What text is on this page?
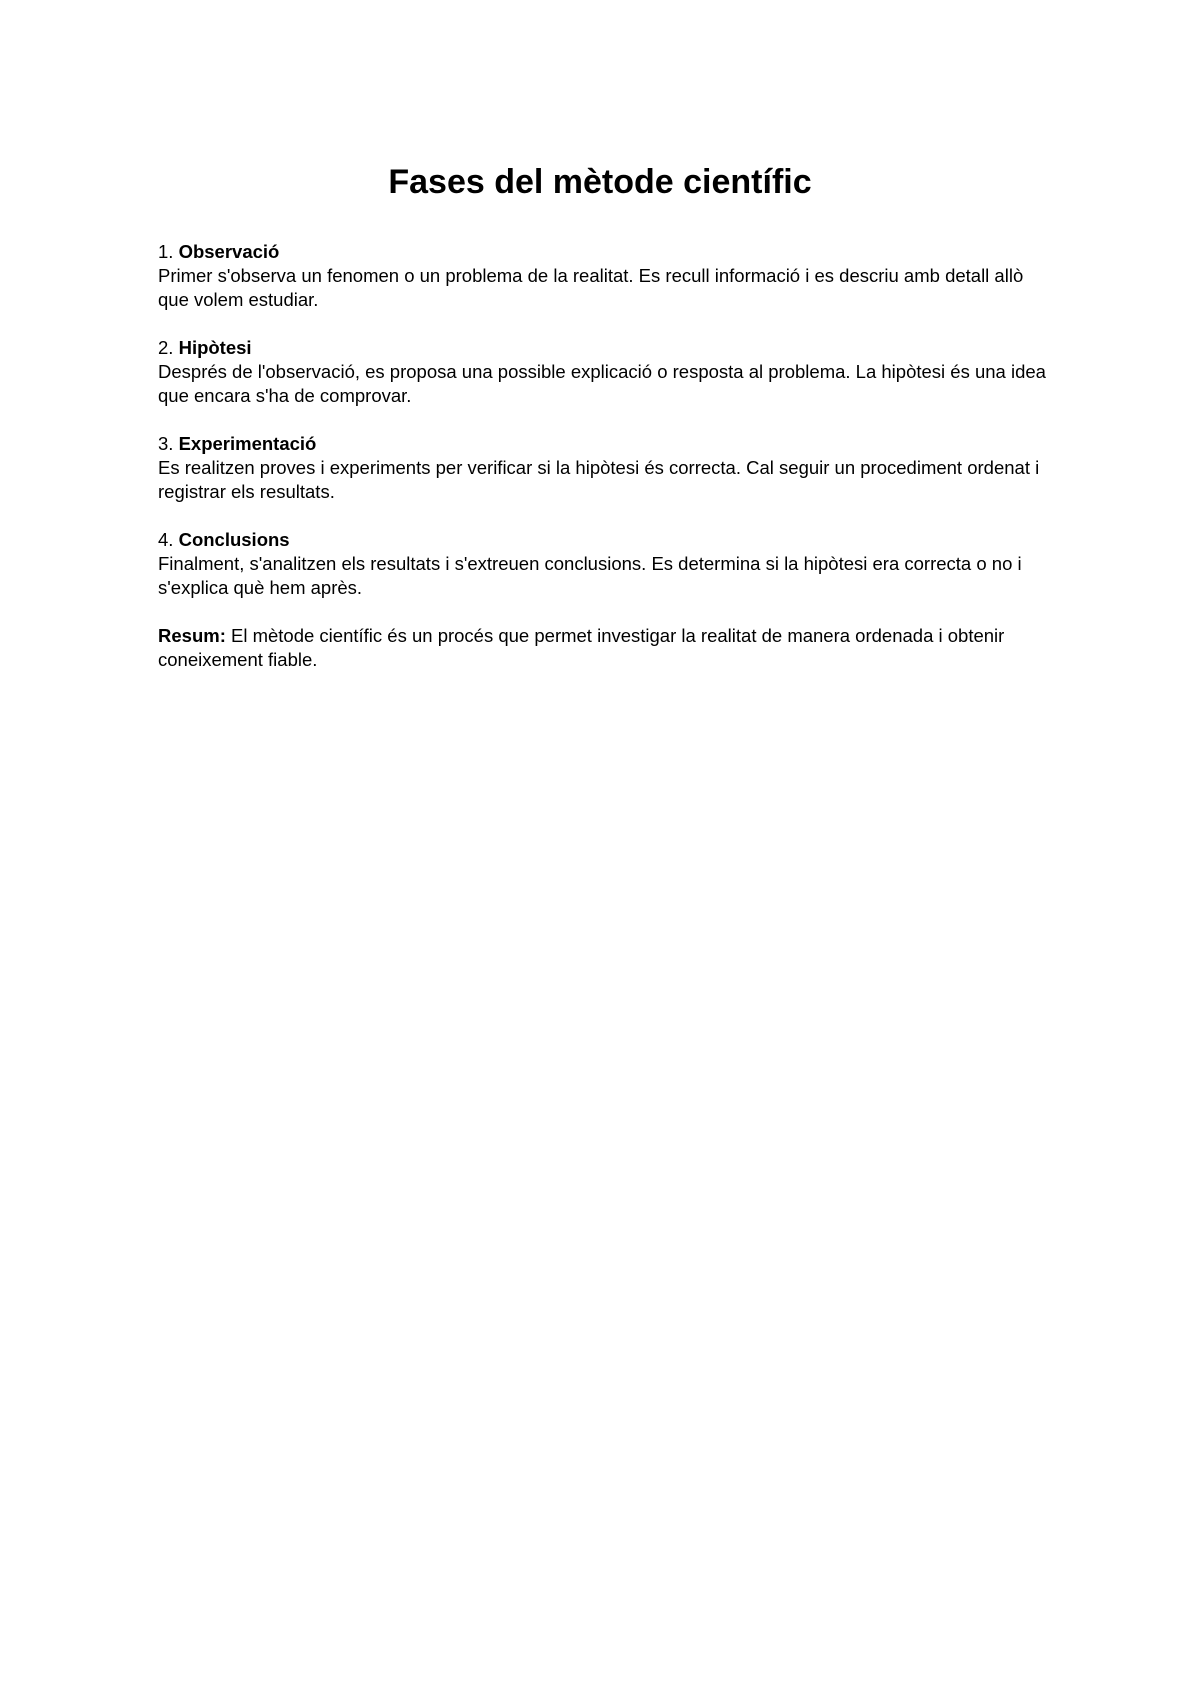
Fases del mètode científic

1. Observació

Primer s'observa un fenomen o un problema de la realitat. Es recull informació i es descriu amb detall allò que volem estudiar.

2. Hipòtesi

Després de l'observació, es proposa una possible explicació o resposta al problema. La hipòtesi és una idea que encara s'ha de comprovar.

3. Experimentació

Es realitzen proves i experiments per verificar si la hipòtesi és correcta. Cal seguir un procediment ordenat i registrar els resultats.

4. Conclusions

Finalment, s'analitzen els resultats i s'extreuen conclusions. Es determina si la hipòtesi era correcta o no i s'explica què hem après.

Resum: El mètode científic és un procés que permet investigar la realitat de manera ordenada i obtenir coneixement fiable.
